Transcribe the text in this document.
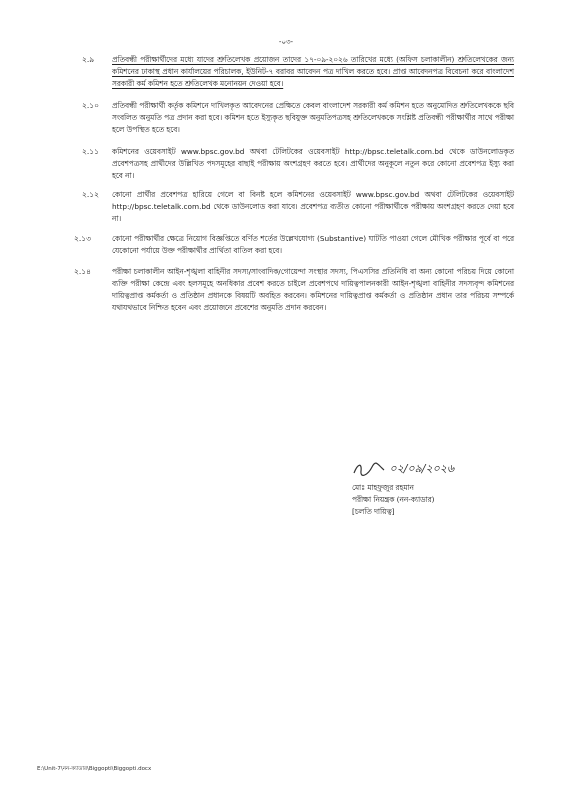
-০৩-
২.৯ প্রতিবন্ধী পরীক্ষার্থীদের মধ্যে যাদের শ্রুতিলেখক প্রয়োজন তাদের ১৭-০৯-২০২৬ তারিখের মধ্যে (অফিস চলাকালীন) শ্রুতিলেখকের জন্য কমিশনের ঢাকাস্থ প্রধান কার্যালয়ের পরিচালক, ইউনিট-৭ বরাবর আবেদন পত্র দাখিল করতে হবে। প্রাপ্ত আবেদনপত্র বিবেচনা করে বাংলাদেশ সরকারী কর্ম কমিশন হতে শ্রুতিলেখক মনোনয়ন দেওয়া হবে।
২.১০ প্রতিবন্ধী পরীক্ষার্থী কর্তৃক কমিশনে দাখিলকৃত আবেদনের প্রেক্ষিতে কেবল বাংলাদেশ সরকারী কর্ম কমিশন হতে অনুমোদিত শ্রুতিলেখককে ছবি সংবলিত অনুমতি পত্র প্রদান করা হবে। কমিশন হতে ইস্যুকৃত ছবিযুক্ত অনুমতিপত্রসহ শ্রুতিলেখককে সংশ্লিষ্ট প্রতিবন্ধী পরীক্ষার্থীর সাথে পরীক্ষা হলে উপস্থিত হতে হবে।
২.১১ কমিশনের ওয়েবসাইট www.bpsc.gov.bd অথবা টেলিটকের ওয়েবসাইট http://bpsc.teletalk.com.bd থেকে ডাউনলোডকৃত প্রবেশপত্রসহ প্রার্থীদের উল্লিখিত পদসমূহের বাছাই পরীক্ষায় অংশগ্রহণ করতে হবে। প্রার্থীদের অনুকূলে নতুন করে কোনো প্রবেশপত্র ইস্যু করা হবে না।
২.১২ কোনো প্রার্থীর প্রবেশপত্র হারিয়ে গেলে বা বিনষ্ট হলে কমিশনের ওয়েবসাইট www.bpsc.gov.bd অথবা টেলিটকের ওয়েবসাইট http://bpsc.teletalk.com.bd থেকে ডাউনলোড করা যাবে। প্রবেশপত্র ব্যতীত কোনো পরীক্ষার্থীকে পরীক্ষায় অংশগ্রহণ করতে দেয়া হবে না।
২.১৩	কোনো পরীক্ষার্থীর ক্ষেত্রে নিয়োগ বিজ্ঞপ্তিতে বর্ণিত শর্তের উল্লেখযোগ্য (Substantive) ঘাটতি পাওয়া গেলে মৌখিক পরীক্ষার পূর্বে বা পরে যেকোনো পর্যায়ে উক্ত পরীক্ষার্থীর প্রার্থিতা বাতিল করা হবে।
২.১৪	পরীক্ষা চলাকালীন আইন-শৃঙ্খলা বাহিনীর সদস্য/সাংবাদিক/গোয়েন্দা সংস্থার সদস্য, পিএসসির প্রতিনিধি বা অন্য কোনো পরিচয় দিয়ে কোনো ব্যক্তি পরীক্ষা কেন্দ্রে এবং হলসমূহে অনধিকার প্রবেশ করতে চাইলে প্রবেশপথে দায়িত্বপালনকারী আইন-শৃঙ্খলা বাহিনীর সদস্যবৃন্দ কমিশনের দায়িত্বপ্রাপ্ত কর্মকর্তা ও প্রতিষ্ঠান প্রধানকে বিষয়টি অবহিত করবেন। কমিশনের দায়িত্বপ্রাপ্ত কর্মকর্তা ও প্রতিষ্ঠান প্রধান তার পরিচয় সম্পর্কে যথাযথভাবে নিশ্চিত হবেন এবং প্রয়োজনে প্রবেশের অনুমতি প্রদান করবেন।
০২/০৯/২০২৬
মোঃ মাহফুজুর রহমান
পরীক্ষা নিয়ন্ত্রক (নন-ক্যাডার)
[চলতি দায়িত্ব]
E:\Unit-7\নন-ক্যাডার\Biggopti\Biggopti.docx
